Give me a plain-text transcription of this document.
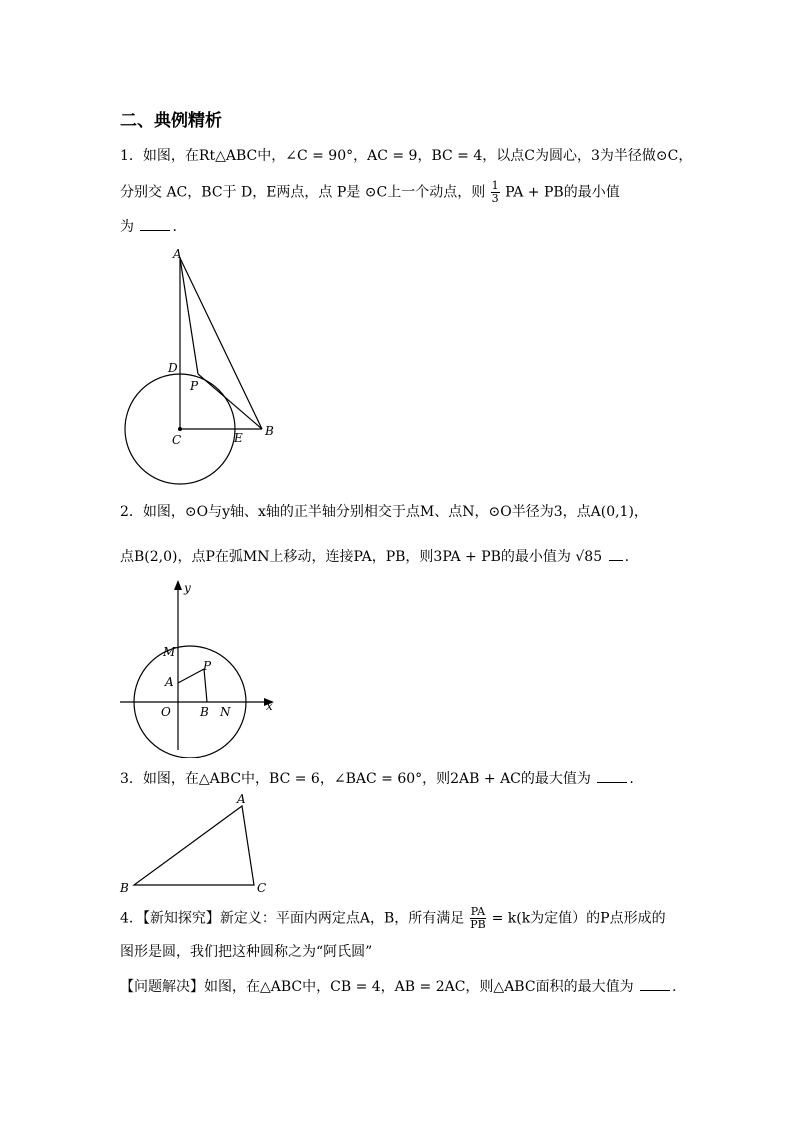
二、典例精析
1．如图，在Rt△ABC中，∠C = 90°，AC = 9，BC = 4，以点C为圆心，3为半径做⊙C，
分别交 AC，BC于 D，E两点，点 P是 ⊙C上一个动点，则 $\frac{1}{3}$ PA + PB的最小值
为	.
A
D
P
C	E B
2．如图，⊙O与y轴、x轴的正半轴分别相交于点M、点N，⊙O半径为3，点A(0,1)，
点B(2,0)，点P在弧MN上移动，连接PA，PB，则3PA + PB的最小值为 √85 .
y
x
M
P
A
O B N
3．如图，在△ABC中，BC = 6，∠BAC = 60°，则2AB + AC的最大值为	.
A
B	C
4．【新知探究】新定义：平面内两定点A，B，所有满足 $\frac{PA}{PB} = k(k$为定值）的P点形成的
图形是圆，我们把这种圆称之为“阿氏圆”
【问题解决】如图，在△ABC中，CB = 4，AB = 2AC，则△ABC面积的最大值为	.
